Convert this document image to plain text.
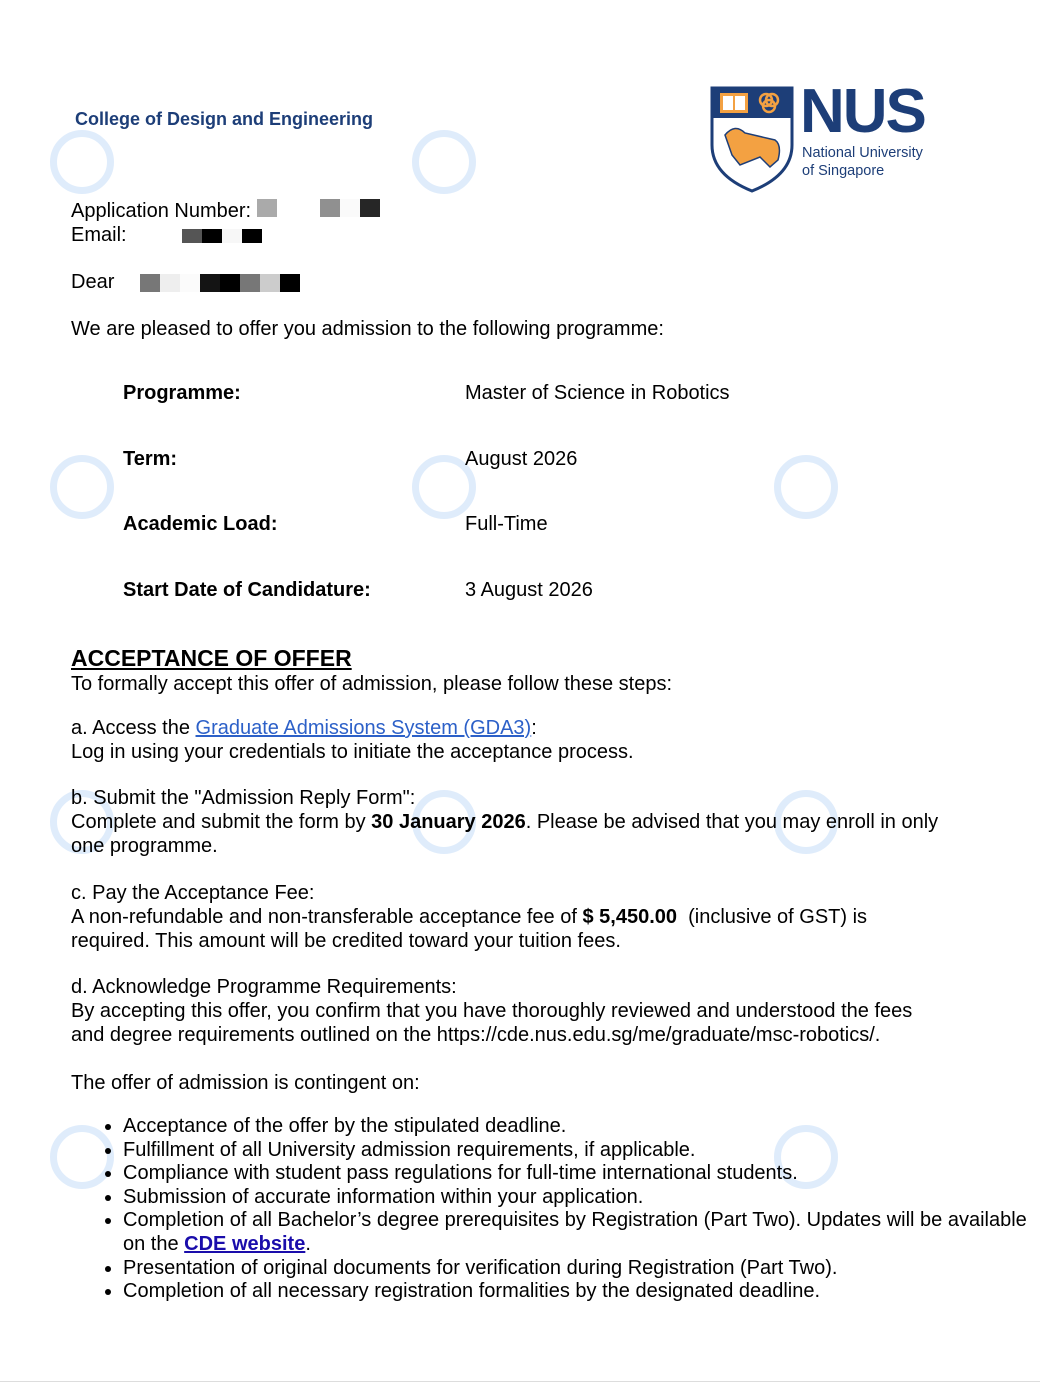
College of Design and Engineering	NUS
National University
of Singapore
Application Number:
Email:
Dear
We are pleased to offer you admission to the following programme:
Programme:	Master of Science in Robotics
Term:	August 2026
Academic Load:	Full-Time
Start Date of Candidature:	3 August 2026
ACCEPTANCE OF OFFER
To formally accept this offer of admission, please follow these steps:
a. Access the Graduate Admissions System (GDA3):
Log in using your credentials to initiate the acceptance process.
b. Submit the "Admission Reply Form":
Complete and submit the form by 30 January 2026. Please be advised that you may enroll in only
one programme.
c. Pay the Acceptance Fee:
A non-refundable and non-transferable acceptance fee of $ 5,450.00  (inclusive of GST) is
required. This amount will be credited toward your tuition fees.
d. Acknowledge Programme Requirements:
By accepting this offer, you confirm that you have thoroughly reviewed and understood the fees
and degree requirements outlined on the https://cde.nus.edu.sg/me/graduate/msc-robotics/.
The offer of admission is contingent on:
• Acceptance of the offer by the stipulated deadline.
• Fulfillment of all University admission requirements, if applicable.
• Compliance with student pass regulations for full-time international students.
• Submission of accurate information within your application.
• Completion of all Bachelor’s degree prerequisites by Registration (Part Two). Updates will be available on the CDE website.
• Presentation of original documents for verification during Registration (Part Two).
• Completion of all necessary registration formalities by the designated deadline.
